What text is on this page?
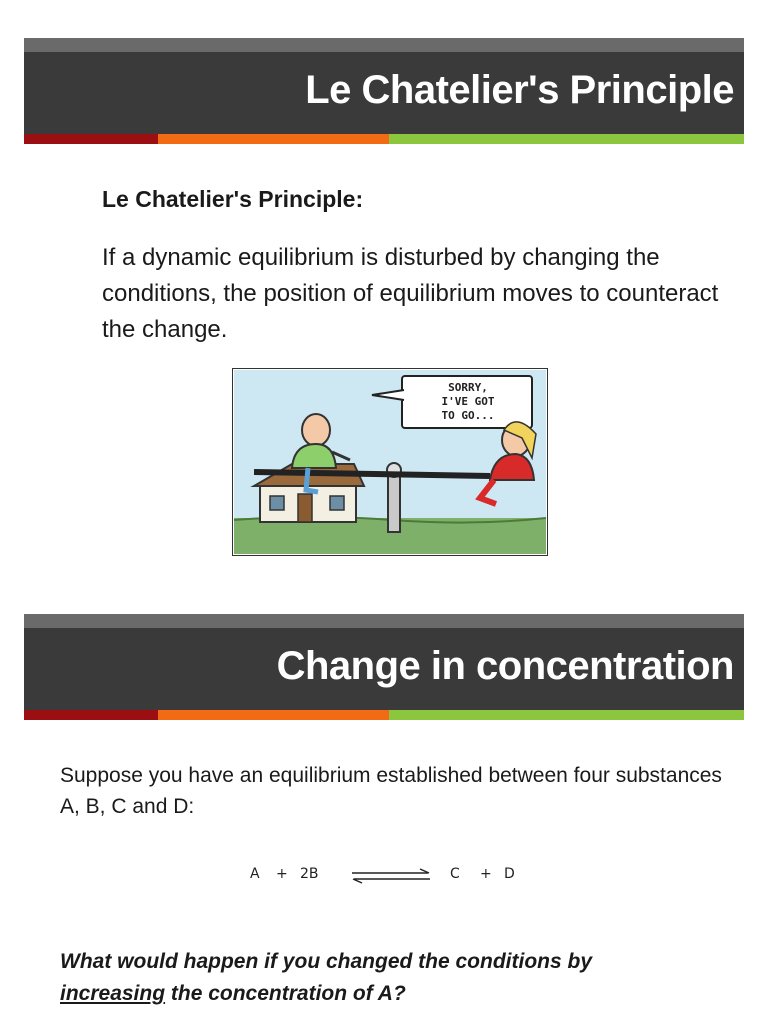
Le Chatelier's Principle
Le Chatelier's Principle:
If a dynamic equilibrium is disturbed by changing the conditions, the position of equilibrium moves to counteract the change.
SORRY,
I'VE GOT
TO GO...
Change in concentration
Suppose you have an equilibrium established between four substances A, B, C and D:
A + 2B	C + D
What would happen if you changed the conditions by
increasing the concentration of A?
